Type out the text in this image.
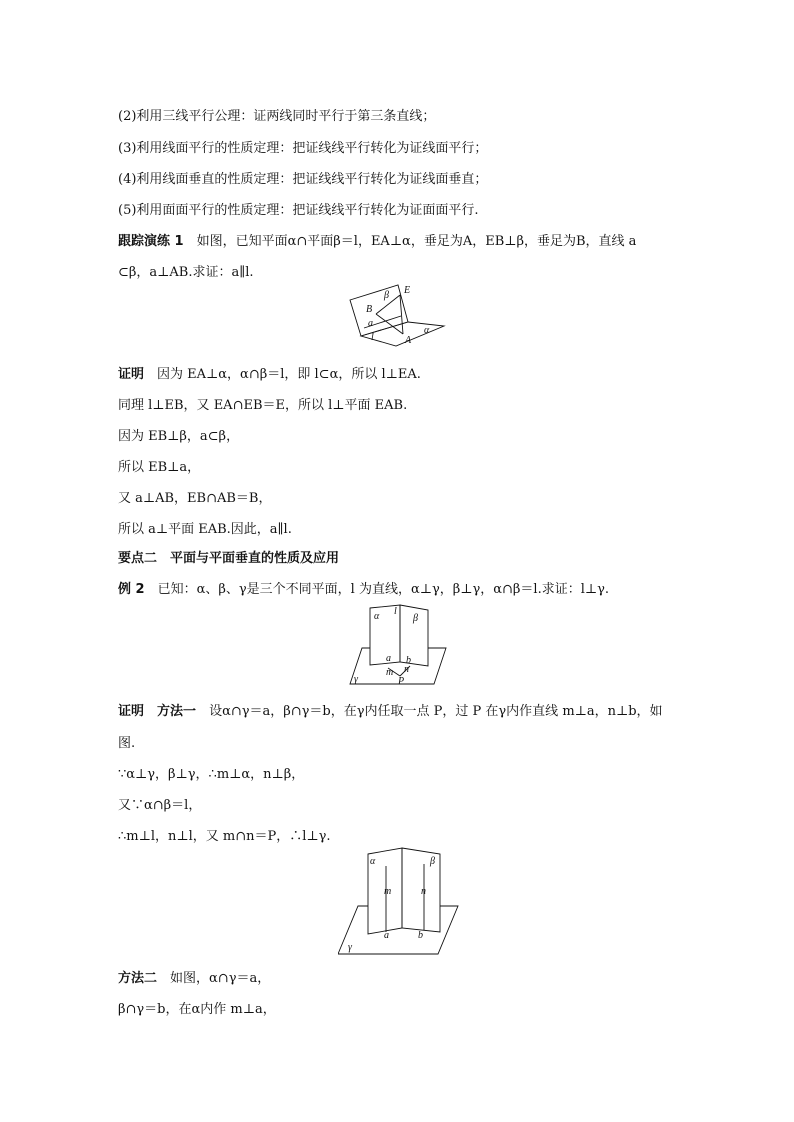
(2)利用三线平行公理：证两线同时平行于第三条直线；
(3)利用线面平行的性质定理：把证线线平行转化为证线面平行；
(4)利用线面垂直的性质定理：把证线线平行转化为证线面垂直；
(5)利用面面平行的性质定理：把证线线平行转化为证面面平行.
跟踪演练 1　 如图，已知平面α∩平面β＝l，EA⊥α，垂足为A，EB⊥β，垂足为B，直线 a
⊂β，a⊥AB.求证：a∥l.
β E
B
a
α
l	A
证明　 因为 EA⊥α，α∩β＝l，即 l⊂α，所以 l⊥EA.
同理 l⊥EB，又 EA∩EB＝E，所以 l⊥平面 EAB.
因为 EB⊥β，a⊂β，
所以 EB⊥a，
又 a⊥AB，EB∩AB＝B，
所以 a⊥平面 EAB.因此，a∥l.
要点二　平面与平面垂直的性质及应用
例 2　 已知：α、β、γ是三个不同平面，l 为直线，α⊥γ，β⊥γ，α∩β＝l.求证：l⊥γ.
α l
β
a b
m n
P
γ
证明　 方法一　 设α∩γ＝a，β∩γ＝b，在γ内任取一点 P，过 P 在γ内作直线 m⊥a，n⊥b，如
图.
∵α⊥γ，β⊥γ，∴m⊥α，n⊥β，
又∵α∩β＝l，
∴m⊥l，n⊥l，又 m∩n＝P，∴l⊥γ.
α	β
m	n
a	b
γ
方法二　 如图，α∩γ＝a，
β∩γ＝b，在α内作 m⊥a，
